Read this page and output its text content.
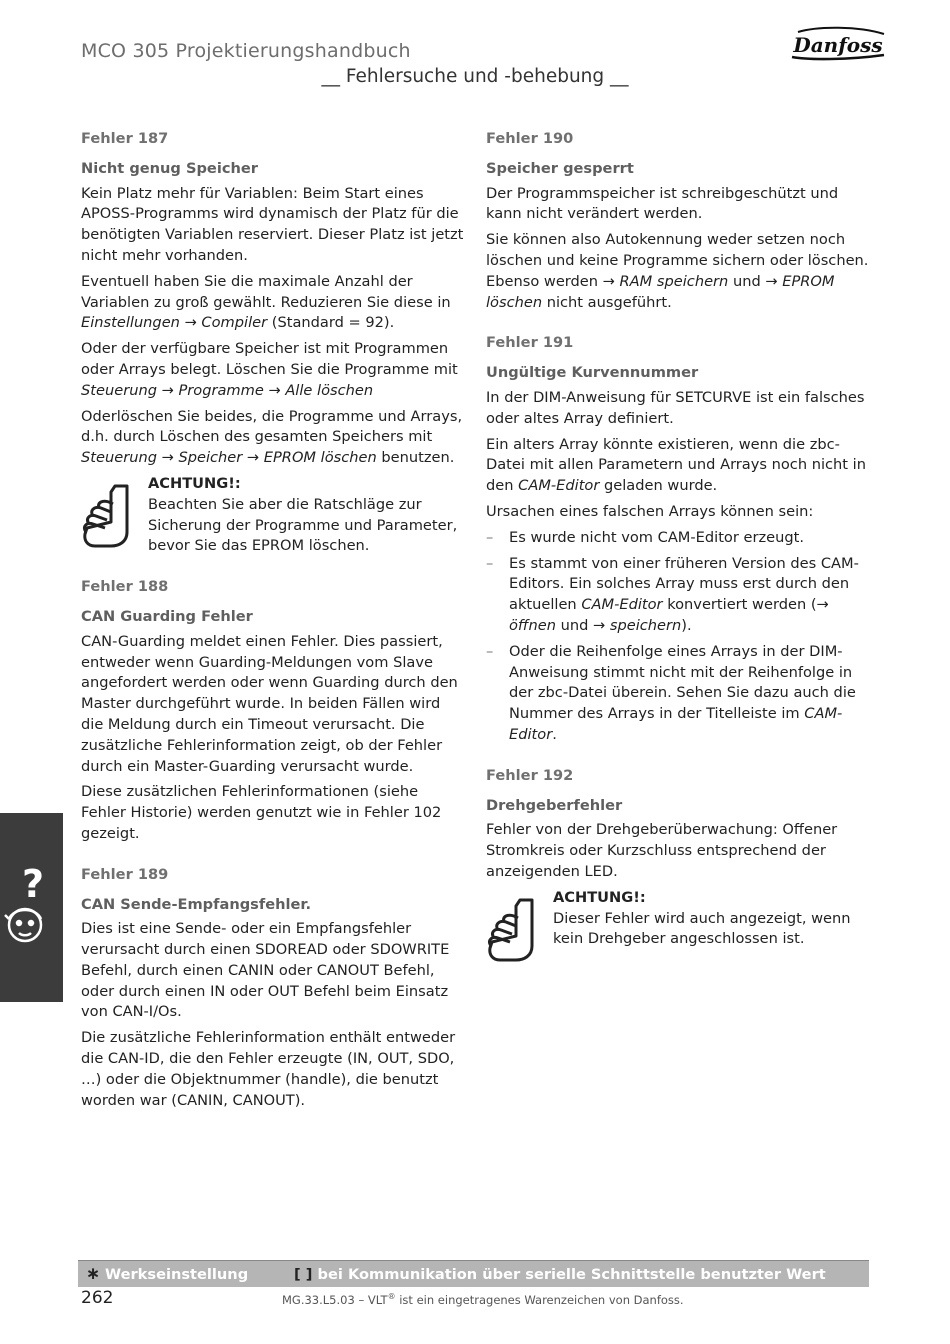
MCO 305 Projektierungshandbuch	Danfoss
__ Fehlersuche und -behebung __
Fehler 187
Nicht genug Speicher
Kein Platz mehr für Variablen: Beim Start eines APOSS-Programms wird dynamisch der Platz für die benötigten Variablen reserviert. Dieser Platz ist jetzt nicht mehr vorhanden.
Eventuell haben Sie die maximale Anzahl der Variablen zu groß gewählt. Reduzieren Sie diese in Einstellungen → Compiler (Standard = 92).
Oder der verfügbare Speicher ist mit Programmen oder Arrays belegt. Löschen Sie die Programme mit Steuerung → Programme → Alle löschen
Oderlöschen Sie beides, die Programme und Arrays, d.h. durch Löschen des gesamten Speichers mit Steuerung → Speicher → EPROM löschen benutzen.
ACHTUNG!:
Beachten Sie aber die Ratschläge zur Sicherung der Programme und Parameter, bevor Sie das EPROM löschen.
Fehler 188
CAN Guarding Fehler
CAN-Guarding meldet einen Fehler. Dies passiert, entweder wenn Guarding-Meldungen vom Slave angefordert werden oder wenn Guarding durch den Master durchgeführt wurde. In beiden Fällen wird die Meldung durch ein Timeout verursacht. Die zusätzliche Fehlerinformation zeigt, ob der Fehler durch ein Master-Guarding verursacht wurde.
Diese zusätzlichen Fehlerinformationen (siehe Fehler Historie) werden genutzt wie in Fehler 102 gezeigt.
Fehler 189
CAN Sende-Empfangsfehler.
Dies ist eine Sende- oder ein Empfangsfehler verursacht durch einen SDOREAD oder SDOWRITE Befehl, durch einen CANIN oder CANOUT Befehl, oder durch einen IN oder OUT Befehl beim Einsatz von CAN-I/Os.
Die zusätzliche Fehlerinformation enthält entweder die CAN-ID, die den Fehler erzeugte (IN, OUT, SDO, …) oder die Objektnummer (handle), die benutzt worden war (CANIN, CANOUT).
Fehler 190
Speicher gesperrt
Der Programmspeicher ist schreibgeschützt und kann nicht verändert werden.
Sie können also Autokennung weder setzen noch löschen und keine Programme sichern oder löschen. Ebenso werden → RAM speichern und → EPROM löschen nicht ausgeführt.
Fehler 191
Ungültige Kurvennummer
In der DIM-Anweisung für SETCURVE ist ein falsches oder altes Array definiert.
Ein alters Array könnte existieren, wenn die zbc-Datei mit allen Parametern und Arrays noch nicht in den CAM-Editor geladen wurde.
Ursachen eines falschen Arrays können sein:
– Es wurde nicht vom CAM-Editor erzeugt.
– Es stammt von einer früheren Version des CAM-Editors. Ein solches Array muss erst durch den aktuellen CAM-Editor konvertiert werden (→ öffnen und → speichern).
– Oder die Reihenfolge eines Arrays in der DIM-Anweisung stimmt nicht mit der Reihenfolge in der zbc-Datei überein. Sehen Sie dazu auch die Nummer des Arrays in der Titelleiste im CAM-Editor.
Fehler 192
Drehgeberfehler
Fehler von der Drehgeberüberwachung: Offener Stromkreis oder Kurzschluss entsprechend der anzeigenden LED.
ACHTUNG!:
Dieser Fehler wird auch angezeigt, wenn kein Drehgeber angeschlossen ist.
?
∗ Werkseinstellung	[ ] bei Kommunikation über serielle Schnittstelle benutzter Wert
262	MG.33.L5.03 – VLT® ist ein eingetragenes Warenzeichen von Danfoss.
